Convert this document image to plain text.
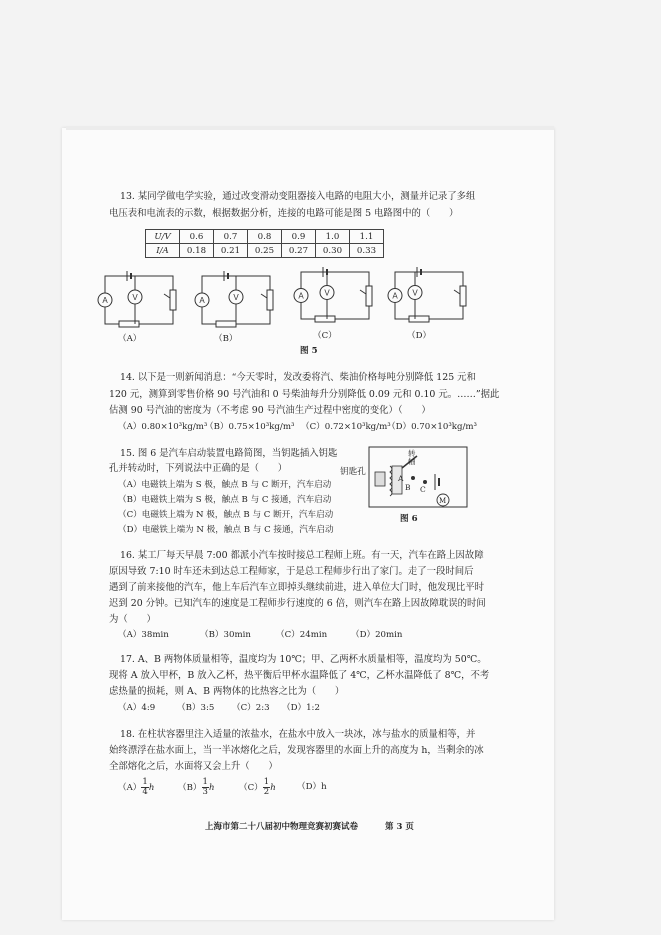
13. 某同学做电学实验，通过改变滑动变阻器接入电路的电阻大小，测量并记录了多组
电压表和电流表的示数，根据数据分析，连接的电路可能是图 5 电路图中的（　　）
U/V	0.6	0.7	0.8	0.9	1.0	1.1
I/A	0.18	0.21	0.25	0.27	0.30	0.33
A	V	A	V	A	V	A V
（A）	（B）	（C）	（D）
图 5
14. 以下是一则新闻消息：“今天零时，发改委将汽、柴油价格每吨分别降低 125 元和
120 元，测算到零售价格 90 号汽油和 0 号柴油每升分别降低 0.09 元和 0.10 元。……”据此
估测 90 号汽油的密度为（不考虑 90 号汽油生产过程中密度的变化）（　　）
（A）0.80×10³kg/m³
（B）0.75×10³kg/m³ （C）0.72×10³kg/m³
（D）0.70×10³kg/m³
15. 图 6 是汽车启动装置电路简图，当钥匙插入钥匙
孔并转动时，下列说法中正确的是（　　）
（A）电磁铁上端为 S 极，触点 B 与 C 断开，汽车启动
（B）电磁铁上端为 S 极，触点 B 与 C 接通，汽车启动
（C）电磁铁上端为 N 极，触点 B 与 C 断开，汽车启动
（D）电磁铁上端为 N 极，触点 B 与 C 接通，汽车启动
钥匙孔
转轴
A
B C
M
图 6
16. 某工厂每天早晨 7:00 都派小汽车按时接总工程师上班。有一天，汽车在路上因故障
原因导致 7:10 时车还未到达总工程师家，于是总工程师步行出了家门。走了一段时间后
遇到了前来接他的汽车，他上车后汽车立即掉头继续前进，进入单位大门时，他发现比平时
迟到 20 分钟。已知汽车的速度是工程师步行速度的 6 倍，则汽车在路上因故障耽误的时间
为（　　）
（A）38min	（B）30min	（C）24min	（D）20min
17. A、B 两物体质量相等，温度均为 10℃；甲、乙两杯水质量相等，温度均为 50℃。
现将 A 放入甲杯，B 放入乙杯，热平衡后甲杯水温降低了 4℃，乙杯水温降低了 8℃，不考
虑热量的损耗，则 A、B 两物体的比热容之比为（　　）
（A）4:9	（B）3:5 （C）2:3 （D）1:2
18. 在柱状容器里注入适量的浓盐水，在盐水中放入一块冰，冰与盐水的质量相等，并
始终漂浮在盐水面上，当一半冰熔化之后，发现容器里的水面上升的高度为 h，当剩余的冰
全部熔化之后，水面将又会上升（　　）
$(A) \frac{1}{4}$ h	$(B) \frac{1}{3}$ h	$(C) \frac{1}{2}$ h （D）h
上海市第二十八届初中物理竞赛初赛试卷	第 3 页
